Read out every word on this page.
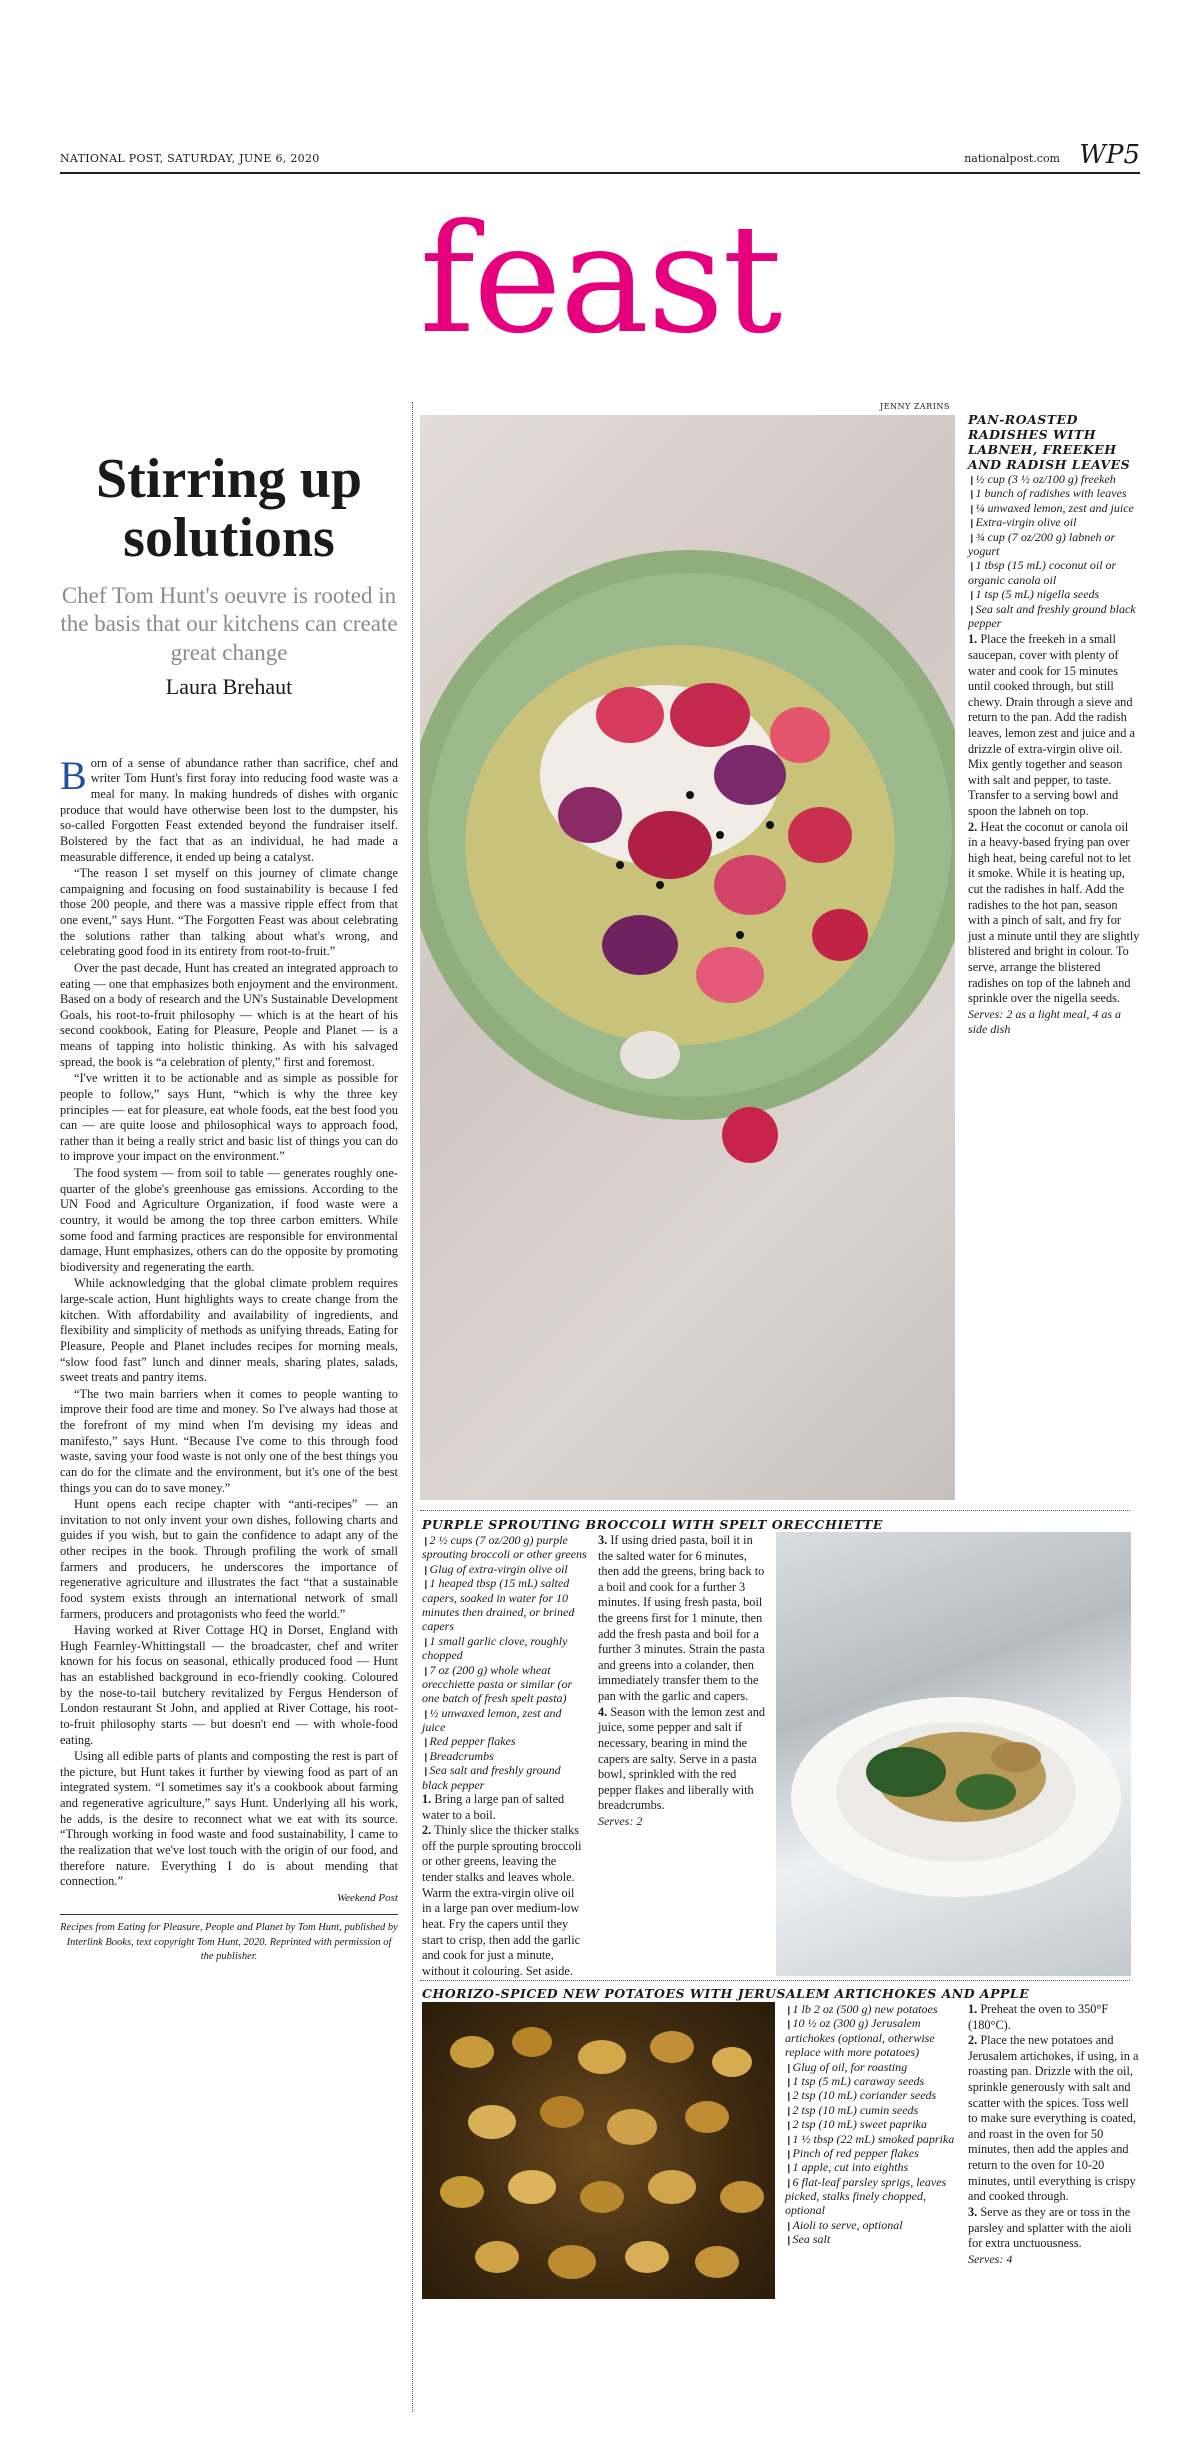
NATIONAL POST, SATURDAY, JUNE 6, 2020	nationalpost.com WP5
feast
Stirring up solutions
Chef Tom Hunt's oeuvre is rooted in the basis that our kitchens can create great change
Laura Brehaut

Born of a sense of abundance rather than sacrifice, chef and writer Tom Hunt's first foray into reducing food waste was a meal for many. In making hundreds of dishes with organic produce that would have otherwise been lost to the dumpster, his so-called Forgotten Feast extended beyond the fundraiser itself. Bolstered by the fact that as an individual, he had made a measurable difference, it ended up being a catalyst.

“The reason I set myself on this journey of climate change campaigning and focusing on food sustainability is because I fed those 200 people, and there was a massive ripple effect from that one event,” says Hunt. “The Forgotten Feast was about celebrating the solutions rather than talking about what's wrong, and celebrating good food in its entirety from root-to-fruit.”

Over the past decade, Hunt has created an integrated approach to eating — one that emphasizes both enjoyment and the environment. Based on a body of research and the UN's Sustainable Development Goals, his root-to-fruit philosophy — which is at the heart of his second cookbook, Eating for Pleasure, People and Planet — is a means of tapping into holistic thinking. As with his salvaged spread, the book is “a celebration of plenty,” first and foremost.

“I've written it to be actionable and as simple as possible for people to follow,” says Hunt, “which is why the three key principles — eat for pleasure, eat whole foods, eat the best food you can — are quite loose and philosophical ways to approach food, rather than it being a really strict and basic list of things you can do to improve your impact on the environment.”

The food system — from soil to table — generates roughly one-quarter of the globe's greenhouse gas emissions. According to the UN Food and Agriculture Organization, if food waste were a country, it would be among the top three carbon emitters. While some food and farming practices are responsible for environmental damage, Hunt emphasizes, others can do the opposite by promoting biodiversity and regenerating the earth.

While acknowledging that the global climate problem requires large-scale action, Hunt highlights ways to create change from the kitchen. With affordability and availability of ingredients, and flexibility and simplicity of methods as unifying threads, Eating for Pleasure, People and Planet includes recipes for morning meals, “slow food fast” lunch and dinner meals, sharing plates, salads, sweet treats and pantry items.

“The two main barriers when it comes to people wanting to improve their food are time and money. So I've always had those at the forefront of my mind when I'm devising my ideas and manifesto,” says Hunt. “Because I've come to this through food waste, saving your food waste is not only one of the best things you can do for the climate and the environment, but it's one of the best things you can do to save money.”

Hunt opens each recipe chapter with “anti-recipes” — an invitation to not only invent your own dishes, following charts and guides if you wish, but to gain the confidence to adapt any of the other recipes in the book. Through profiling the work of small farmers and producers, he underscores the importance of regenerative agriculture and illustrates the fact “that a sustainable food system exists through an international network of small farmers, producers and protagonists who feed the world.”

Having worked at River Cottage HQ in Dorset, England with Hugh Fearnley-Whittingstall — the broadcaster, chef and writer known for his focus on seasonal, ethically produced food — Hunt has an established background in eco-friendly cooking. Coloured by the nose-to-tail butchery revitalized by Fergus Henderson of London restaurant St John, and applied at River Cottage, his root-to-fruit philosophy starts — but doesn't end — with whole-food eating.

Using all edible parts of plants and composting the rest is part of the picture, but Hunt takes it further by viewing food as part of an integrated system. “I sometimes say it's a cookbook about farming and regenerative agriculture,” says Hunt. Underlying all his work, he adds, is the desire to reconnect what we eat with its source. “Through working in food waste and food sustainability, I came to the realization that we've lost touch with the origin of our food, and therefore nature. Everything I do is about mending that connection.”

Weekend Post
Recipes from Eating for Pleasure, People and Planet by Tom Hunt, published by Interlink Books, text copyright Tom Hunt, 2020. Reprinted with permission of the publisher.
JENNY ZARINS
PAN-ROASTED RADISHES WITH LABNEH, FREEKEH AND RADISH LEAVES
❙ ½ cup (3 ½ oz/100 g) freekeh
❙ 1 bunch of radishes with leaves
❙ ¼ unwaxed lemon, zest and juice
❙ Extra-virgin olive oil
❙ ¾ cup (7 oz/200 g) labneh or yogurt
❙ 1 tbsp (15 mL) coconut oil or organic canola oil
❙ 1 tsp (5 mL) nigella seeds
❙ Sea salt and freshly ground black pepper

1. Place the freekeh in a small saucepan, cover with plenty of water and cook for 15 minutes until cooked through, but still chewy. Drain through a sieve and return to the pan. Add the radish leaves, lemon zest and juice and a drizzle of extra-virgin olive oil. Mix gently together and season with salt and pepper, to taste. Transfer to a serving bowl and spoon the labneh on top.

2. Heat the coconut or canola oil in a heavy-based frying pan over high heat, being careful not to let it smoke. While it is heating up, cut the radishes in half. Add the radishes to the hot pan, season with a pinch of salt, and fry for just a minute until they are slightly blistered and bright in colour. To serve, arrange the blistered radishes on top of the labneh and sprinkle over the nigella seeds.

Serves: 2 as a light meal, 4 as a side dish
PURPLE SPROUTING BROCCOLI WITH SPELT ORECCHIETTE
❙ 2 ½ cups (7 oz/200 g) purple sprouting broccoli or other greens
❙ Glug of extra-virgin olive oil
❙ 1 heaped tbsp (15 mL) salted capers, soaked in water for 10 minutes then drained, or brined capers
❙ 1 small garlic clove, roughly chopped
❙ 7 oz (200 g) whole wheat orecchiette pasta or similar (or one batch of fresh spelt pasta)
❙ ½ unwaxed lemon, zest and juice
❙ Red pepper flakes
❙ Breadcrumbs
❙ Sea salt and freshly ground black pepper

1. Bring a large pan of salted water to a boil.

2. Thinly slice the thicker stalks off the purple sprouting broccoli or other greens, leaving the tender stalks and leaves whole. Warm the extra-virgin olive oil in a large pan over medium-low heat. Fry the capers until they start to crisp, then add the garlic and cook for just a minute, without it colouring. Set aside.

3. If using dried pasta, boil it in the salted water for 6 minutes, then add the greens, bring back to a boil and cook for a further 3 minutes. If using fresh pasta, boil the greens first for 1 minute, then add the fresh pasta and boil for a further 3 minutes. Strain the pasta and greens into a colander, then immediately transfer them to the pan with the garlic and capers.

4. Season with the lemon zest and juice, some pepper and salt if necessary, bearing in mind the capers are salty. Serve in a pasta bowl, sprinkled with the red pepper flakes and liberally with breadcrumbs.

Serves: 2
CHORIZO-SPICED NEW POTATOES WITH JERUSALEM ARTICHOKES AND APPLE
❙ 1 lb 2 oz (500 g) new potatoes
❙ 10 ½ oz (300 g) Jerusalem artichokes (optional, otherwise replace with more potatoes)
❙ Glug of oil, for roasting
❙ 1 tsp (5 mL) caraway seeds
❙ 2 tsp (10 mL) coriander seeds
❙ 2 tsp (10 mL) cumin seeds
❙ 2 tsp (10 mL) sweet paprika
❙ 1 ½ tbsp (22 mL) smoked paprika
❙ Pinch of red pepper flakes
❙ 1 apple, cut into eighths
❙ 6 flat-leaf parsley sprigs, leaves picked, stalks finely chopped, optional
❙ Aioli to serve, optional
❙ Sea salt

1. Preheat the oven to 350°F (180°C).

2. Place the new potatoes and Jerusalem artichokes, if using, in a roasting pan. Drizzle with the oil, sprinkle generously with salt and scatter with the spices. Toss well to make sure everything is coated, and roast in the oven for 50 minutes, then add the apples and return to the oven for 10-20 minutes, until everything is crispy and cooked through.

3. Serve as they are or toss in the parsley and splatter with the aioli for extra unctuousness.

Serves: 4
